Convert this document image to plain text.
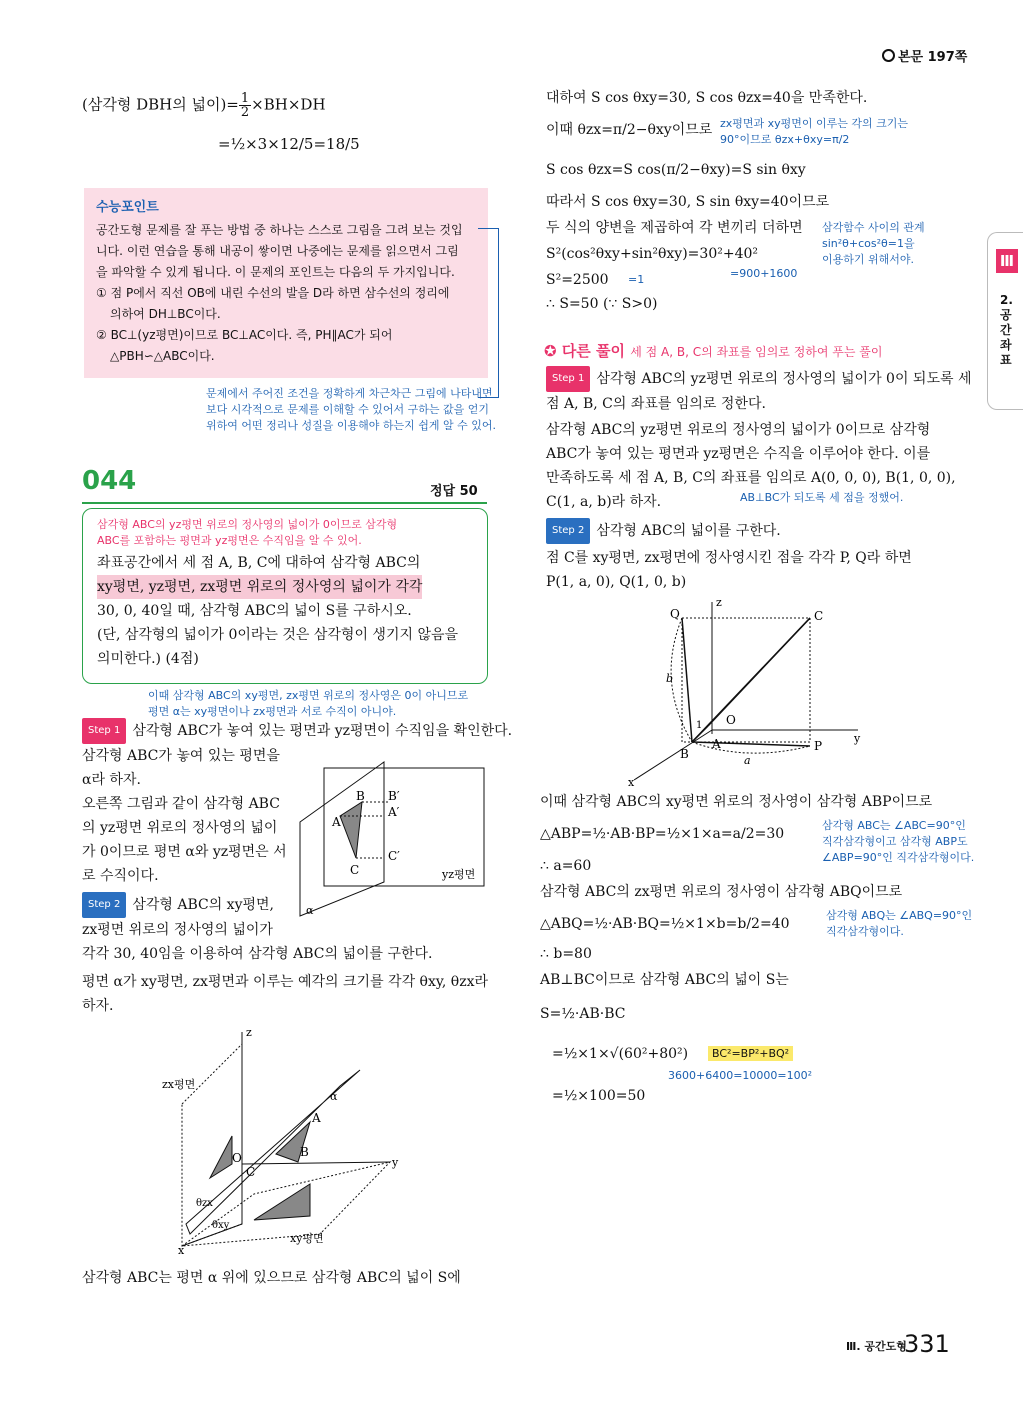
본문 197쪽
Ⅲ
2. 공간좌표
(삼각형 DBH의 넓이)= $\frac{1}{2} \times BH\times DH$
=½×3×12/5=18/5
수능포인트
공간도형 문제를 잘 푸는 방법 중 하나는 스스로 그림을 그려 보는 것입
니다. 이런 연습을 통해 내공이 쌓이면 나중에는 문제를 읽으면서 그림
을 파악할 수 있게 됩니다. 이 문제의 포인트는 다음의 두 가지입니다.
① 점 P에서 직선 OB에 내린 수선의 발을 D라 하면 삼수선의 정리에
의하여 DH⊥BC이다.
② BC⊥(yz평면)이므로 BC⊥AC이다. 즉, PH∥AC가 되어
△PBH∽△ABC이다.
문제에서 주어진 조건을 정확하게 차근차근 그림에 나타내면
보다 시각적으로 문제를 이해할 수 있어서 구하는 값을 얻기
위하여 어떤 정리나 성질을 이용해야 하는지 쉽게 알 수 있어.
044	정답 50
삼각형 ABC의 yz평면 위로의 정사영의 넓이가 0이므로 삼각형
ABC를 포함하는 평면과 yz평면은 수직임을 알 수 있어.
좌표공간에서 세 점 A, B, C에 대하여 삼각형 ABC의
xy평면, yz평면, zx평면 위로의 정사영의 넓이가 각각
30, 0, 40일 때, 삼각형 ABC의 넓이 S를 구하시오.
(단, 삼각형의 넓이가 0이라는 것은 삼각형이 생기지 않음을
의미한다.) (4점)
이때 삼각형 ABC의 xy평면, zx평면 위로의 정사영은 0이 아니므로
평면 α는 xy평면이나 zx평면과 서로 수직이 아니야.
Step 1 삼각형 ABC가 놓여 있는 평면과 yz평면이 수직임을 확인한다.
삼각형 ABC가 놓여 있는 평면을
α라 하자.
오른쪽 그림과 같이 삼각형 ABC
의 yz평면 위로의 정사영의 넓이
가 0이므로 평면 α와 yz평면은 서
로 수직이다.
A
B
C
B′
A′
C′
yz평면
α
Step 2 삼각형 ABC의 xy평면,
zx평면 위로의 정사영의 넓이가
각각 30, 40임을 이용하여 삼각형 ABC의 넓이를 구한다.
평면 α가 xy평면, zx평면과 이루는 예각의 크기를 각각 θxy, θzx라
하자.
z
y
x
zx평면
xy평면
A
B
C
O
α
θzx
θxy
삼각형 ABC는 평면 α 위에 있으므로 삼각형 ABC의 넓이 S에
대하여 S cos θxy=30, S cos θzx=40을 만족한다.
이때 θzx=π/2−θxy이므로 zx평면과 xy평면이 이루는 각의 크기는
90°이므로 θzx+θxy=π/2
S cos θzx=S cos(π/2−θxy)=S sin θxy
따라서 S cos θxy=30, S sin θxy=40이므로
두 식의 양변을 제곱하여 각 변끼리 더하면 삼각함수 사이의 관계
sin²θ+cos²θ=1을
이용하기 위해서야.
S²(cos²θxy+sin²θxy)=30²+40²
=900+1600
S²=2500 =1
∴ S=50 (∵ S>0)
✪ 다른 풀이 세 점 A, B, C의 좌표를 임의로 정하여 푸는 풀이
Step 1 삼각형 ABC의 yz평면 위로의 정사영의 넓이가 0이 되도록 세
점 A, B, C의 좌표를 임의로 정한다.
삼각형 ABC의 yz평면 위로의 정사영의 넓이가 0이므로 삼각형
ABC가 놓여 있는 평면과 yz평면은 수직을 이루어야 한다. 이를
만족하도록 세 점 A, B, C의 좌표를 임의로 A(0, 0, 0), B(1, 0, 0),
C(1, a, b)라 하자.	AB⊥BC가 되도록 세 점을 정했어.
Step 2 삼각형 ABC의 넓이를 구한다.
점 C를 xy평면, zx평면에 정사영시킨 점을 각각 P, Q라 하면
P(1, a, 0), Q(1, 0, b)
z
y
x
Q	C
O
A
B
P
a
b
1
이때 삼각형 ABC의 xy평면 위로의 정사영이 삼각형 ABP이므로
△ABP=½·AB·BP=½×1×a=a/2=30
삼각형 ABC는 ∠ABC=90°인
직각삼각형이고 삼각형 ABP도
∠ABP=90°인 직각삼각형이다.
∴ a=60
삼각형 ABC의 zx평면 위로의 정사영이 삼각형 ABQ이므로
△ABQ=½·AB·BQ=½×1×b=b/2=40
삼각형 ABQ는 ∠ABQ=90°인
직각삼각형이다.
∴ b=80
AB⊥BC이므로 삼각형 ABC의 넓이 S는
S=½·AB·BC
=½×1×√(60²+80²)	BC²=BP²+BQ²
3600+6400=10000=100²
=½×100=50
Ⅲ. 공간도형
331
